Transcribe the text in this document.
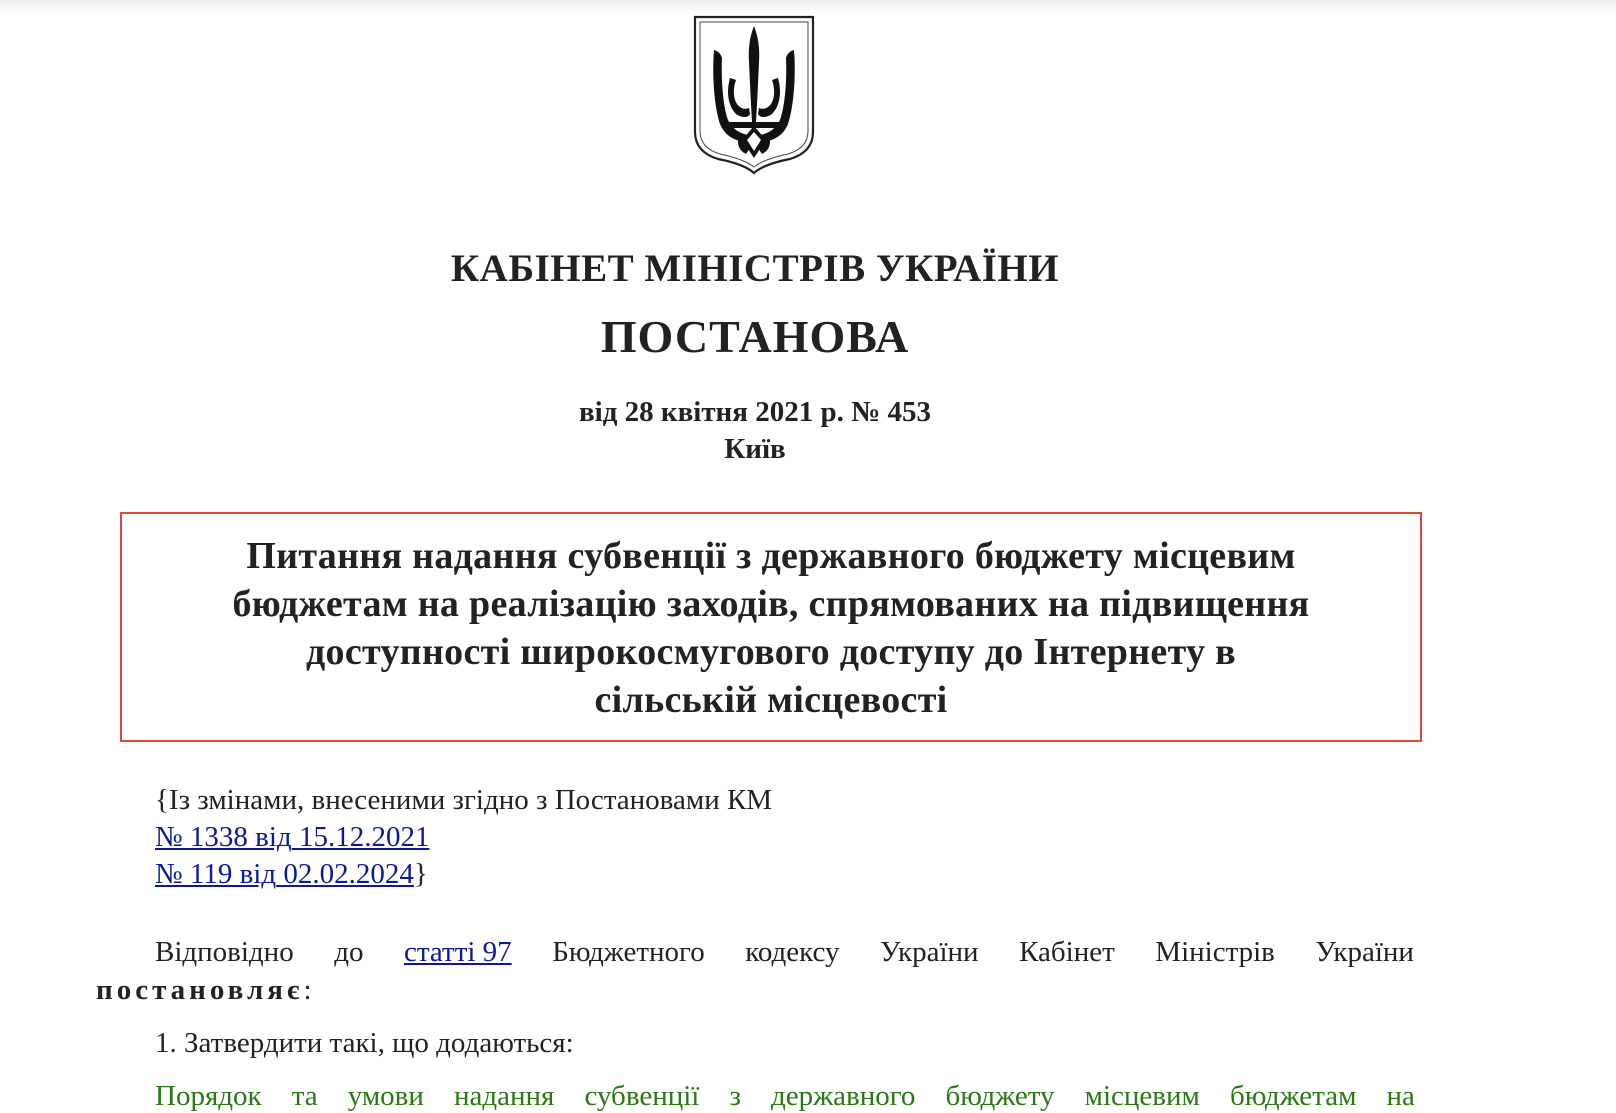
КАБІНЕТ МІНІСТРІВ УКРАЇНИ
ПОСТАНОВА
від 28 квітня 2021 р. № 453
Київ
Питання надання субвенції з державного бюджету місцевим
бюджетам на реалізацію заходів, спрямованих на підвищення
доступності широкосмугового доступу до Інтернету в
сільській місцевості
{Із змінами, внесеними згідно з Постановами КМ
№ 1338 від 15.12.2021
№ 119 від 02.02.2024}
Відповідно до статті 97 Бюджетного кодексу України Кабінет Міністрів України
постановляє:
1. Затвердити такі, що додаються:
Порядок та умови надання субвенції з державного бюджету місцевим бюджетам на
